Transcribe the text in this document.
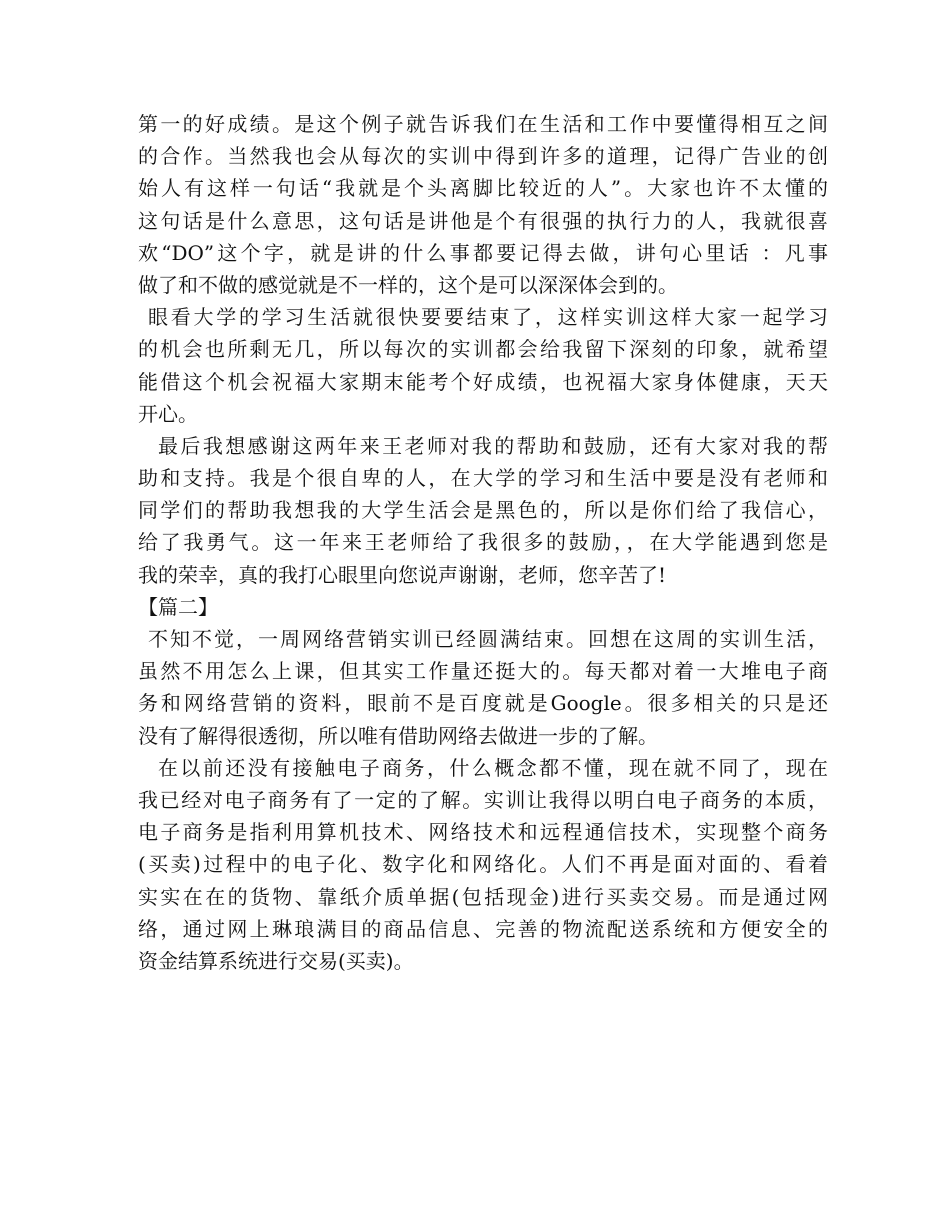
第一的好成绩。是这个例子就告诉我们在生活和工作中要懂得相互之间
的合作。当然我也会从每次的实训中得到许多的道理，记得广告业的创
始人有这样一句话“我就是个头离脚比较近的人”。大家也许不太懂的
这句话是什么意思，这句话是讲他是个有很强的执行力的人，我就很喜
欢“DO”这个字，就是讲的什么事都要记得去做，讲句心里话 ：凡事
做了和不做的感觉就是不一样的，这个是可以深深体会到的。
眼看大学的学习生活就很快要要结束了，这样实训这样大家一起学习
的机会也所剩无几，所以每次的实训都会给我留下深刻的印象，就希望
能借这个机会祝福大家期末能考个好成绩，也祝福大家身体健康，天天
开心。
最后我想感谢这两年来王老师对我的帮助和鼓励，还有大家对我的帮
助和支持。我是个很自卑的人，在大学的学习和生活中要是没有老师和
同学们的帮助我想我的大学生活会是黑色的，所以是你们给了我信心，
给了我勇气。这一年来王老师给了我很多的鼓励，，在大学能遇到您是
我的荣幸，真的我打心眼里向您说声谢谢，老师，您辛苦了!
【篇二】
不知不觉，一周网络营销实训已经圆满结束。回想在这周的实训生活，
虽然不用怎么上课，但其实工作量还挺大的。每天都对着一大堆电子商
务和网络营销的资料，眼前不是百度就是Google。很多相关的只是还
没有了解得很透彻，所以唯有借助网络去做进一步的了解。
在以前还没有接触电子商务，什么概念都不懂，现在就不同了，现在
我已经对电子商务有了一定的了解。实训让我得以明白电子商务的本质，
电子商务是指利用算机技术、网络技术和远程通信技术，实现整个商务
(买卖)过程中的电子化、数字化和网络化。人们不再是面对面的、看着
实实在在的货物、靠纸介质单据(包括现金)进行买卖交易。而是通过网
络，通过网上琳琅满目的商品信息、完善的物流配送系统和方便安全的
资金结算系统进行交易(买卖)。
